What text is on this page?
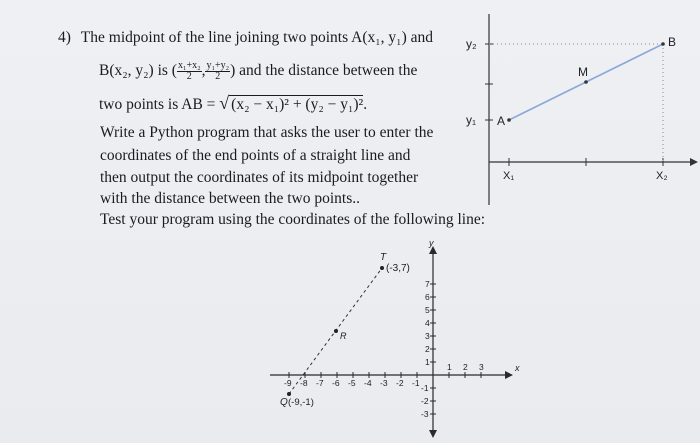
4) The midpoint of the line joining two points A(x₁, y₁) and
B(x₂, y₂) is ( $\frac{\text{x₁+x₂}}{2}$ , $\frac{\text{y₁+y₂}}{2}$ ) and the distance between the
two points is AB = √ (x₂ − x₁)² + (y₂ − y₁)².
Write a Python program that asks the user to enter the
coordinates of the end points of a straight line and
then output the coordinates of its midpoint together
with the distance between the two points..
Test your program using the coordinates of the following line:
y₂
y₁ A
M
B
X₁	X₂
T
(-3,7)
R
Q (-9,-1)
y
x
-9 -8 -7 -6 -5 -4 -3 -2 -1
1 2 3
7
6
5
4
3
2
1
-1
-2
-3
